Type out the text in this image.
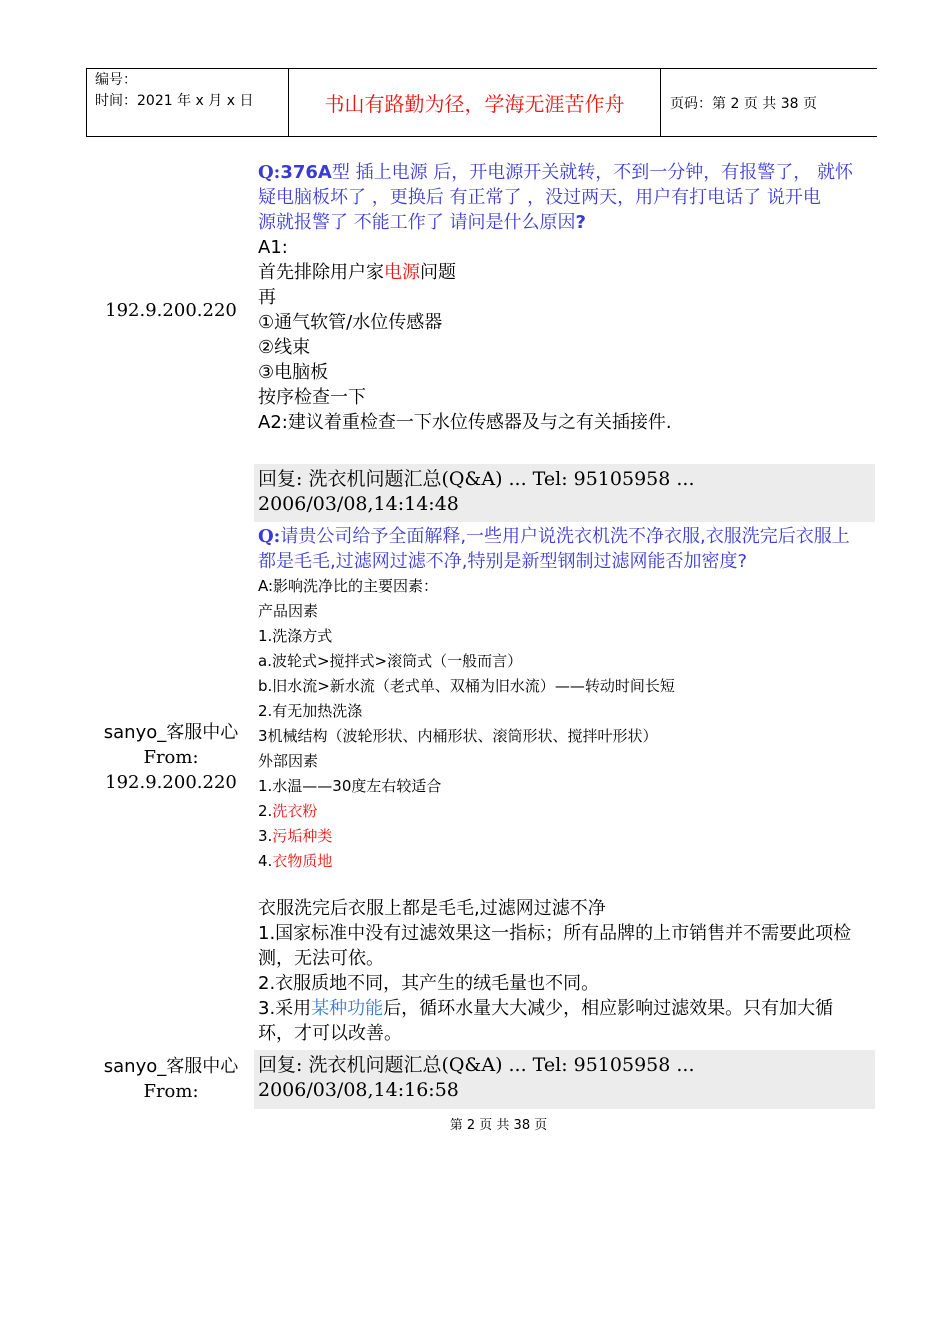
编号：
时间：2021 年 x 月 x 日	书山有路勤为径，学海无涯苦作舟	页码：第 2 页 共 38 页
192.9.200.220
Q:376A型 插上电源 后，开电源开关就转，不到一分钟，有报警了， 就怀
疑电脑板坏了 ，更换后 有正常了 ，没过两天，用户有打电话了 说开电
源就报警了 不能工作了 请问是什么原因?
A1:
首先排除用户家电源问题
再
①通气软管/水位传感器
②线束
③电脑板
按序检查一下
A2:建议着重检查一下水位传感器及与之有关插接件.
回复: 洗衣机问题汇总(Q&A) ... Tel: 95105958 ...
2006/03/08,14:14:48
sanyo_客服中心
From:
192.9.200.220
Q:请贵公司给予全面解释,一些用户说洗衣机洗不净衣服,衣服洗完后衣服上
都是毛毛,过滤网过滤不净,特别是新型钢制过滤网能否加密度?
A:影响洗净比的主要因素：
产品因素
1.洗涤方式
a.波轮式>搅拌式>滚筒式（一般而言）
b.旧水流>新水流（老式单、双桶为旧水流）——转动时间长短
2.有无加热洗涤
3机械结构（波轮形状、内桶形状、滚筒形状、搅拌叶形状）
外部因素
1.水温——30度左右较适合
2.洗衣粉
3.污垢种类
4.衣物质地
衣服洗完后衣服上都是毛毛,过滤网过滤不净
1.国家标准中没有过滤效果这一指标；所有品牌的上市销售并不需要此项检
测，无法可依。
2.衣服质地不同，其产生的绒毛量也不同。
3.采用某种功能后，循环水量大大减少，相应影响过滤效果。只有加大循
环，才可以改善。
sanyo_客服中心
From:
回复: 洗衣机问题汇总(Q&A) ... Tel: 95105958 ...
2006/03/08,14:16:58
第 2 页 共 38 页
